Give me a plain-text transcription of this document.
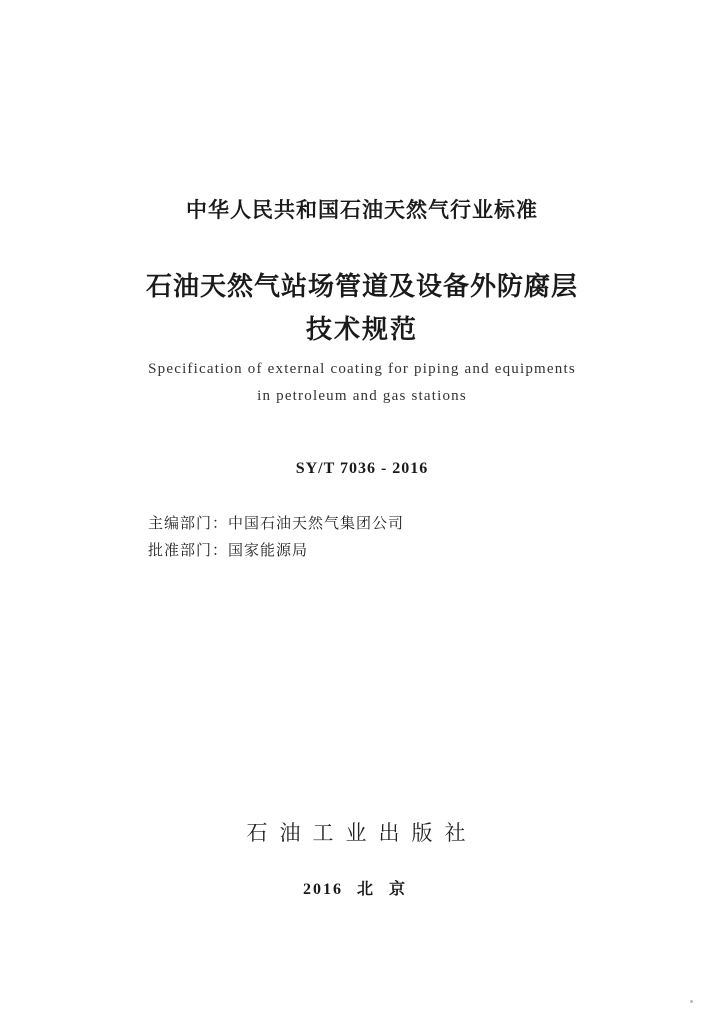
中华人民共和国石油天然气行业标准
石油天然气站场管道及设备外防腐层
技术规范
Specification of external coating for piping and equipments
in petroleum and gas stations
SY/T 7036 - 2016
主编部门：中国石油天然气集团公司
批准部门：国家能源局
石油工业出版社
2016 北京
